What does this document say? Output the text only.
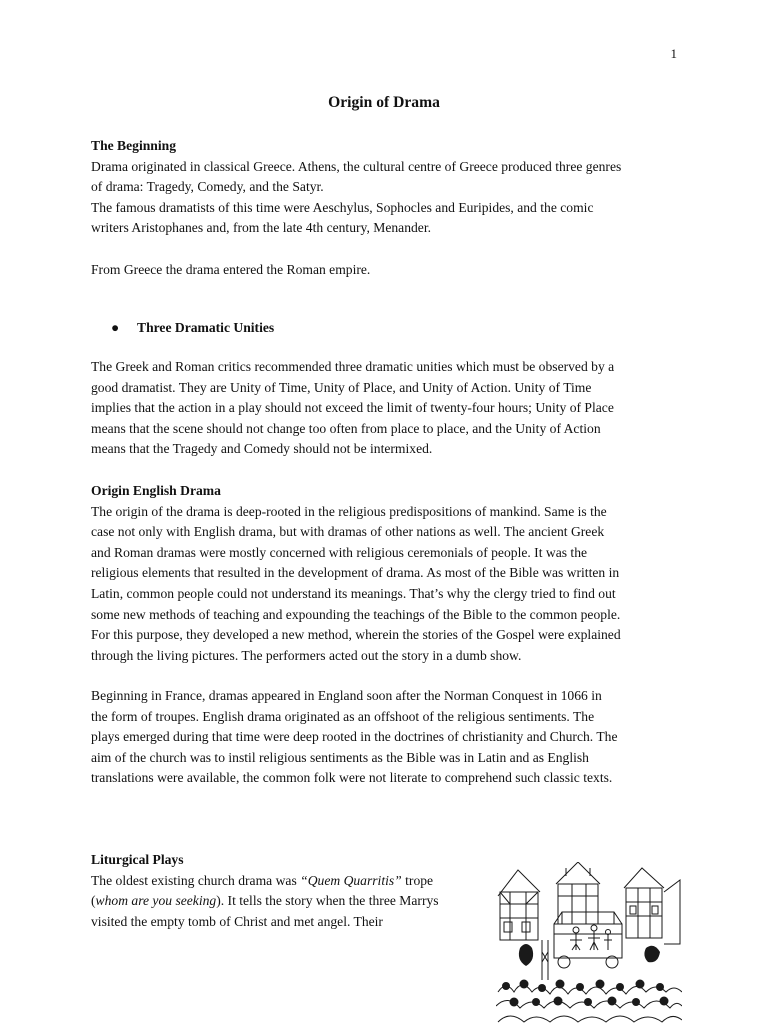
1
Origin of Drama

The Beginning

Drama originated in classical Greece. Athens, the cultural centre of Greece produced three genres

of drama: Tragedy, Comedy, and the Satyr.

The famous dramatists of this time were Aeschylus, Sophocles and Euripides, and the comic

writers Aristophanes and, from the late 4th century, Menander.

From Greece the drama entered the Roman empire.

● Three Dramatic Unities

The Greek and Roman critics recommended three dramatic unities which must be observed by a

good dramatist. They are Unity of Time, Unity of Place, and Unity of Action. Unity of Time

implies that the action in a play should not exceed the limit of twenty-four hours; Unity of Place

means that the scene should not change too often from place to place, and the Unity of Action

means that the Tragedy and Comedy should not be intermixed.

Origin English Drama

The origin of the drama is deep-rooted in the religious predispositions of mankind. Same is the

case not only with English drama, but with dramas of other nations as well. The ancient Greek

and Roman dramas were mostly concerned with religious ceremonials of people. It was the

religious elements that resulted in the development of drama. As most of the Bible was written in

Latin, common people could not understand its meanings. That’s why the clergy tried to find out

some new methods of teaching and expounding the teachings of the Bible to the common people.

For this purpose, they developed a new method, wherein the stories of the Gospel were explained

through the living pictures. The performers acted out the story in a dumb show.

Beginning in France, dramas appeared in England soon after the Norman Conquest in 1066 in

the form of troupes. English drama originated as an offshoot of the religious sentiments. The

plays emerged during that time were deep rooted in the doctrines of christianity and Church. The

aim of the church was to instil religious sentiments as the Bible was in Latin and as English

translations were available, the common folk were not literate to comprehend such classic texts.

Liturgical Plays

The oldest existing church drama was “Quem Quarritis” trope

(whom are you seeking). It tells the story when the three Marrys

visited the empty tomb of Christ and met angel. Their
